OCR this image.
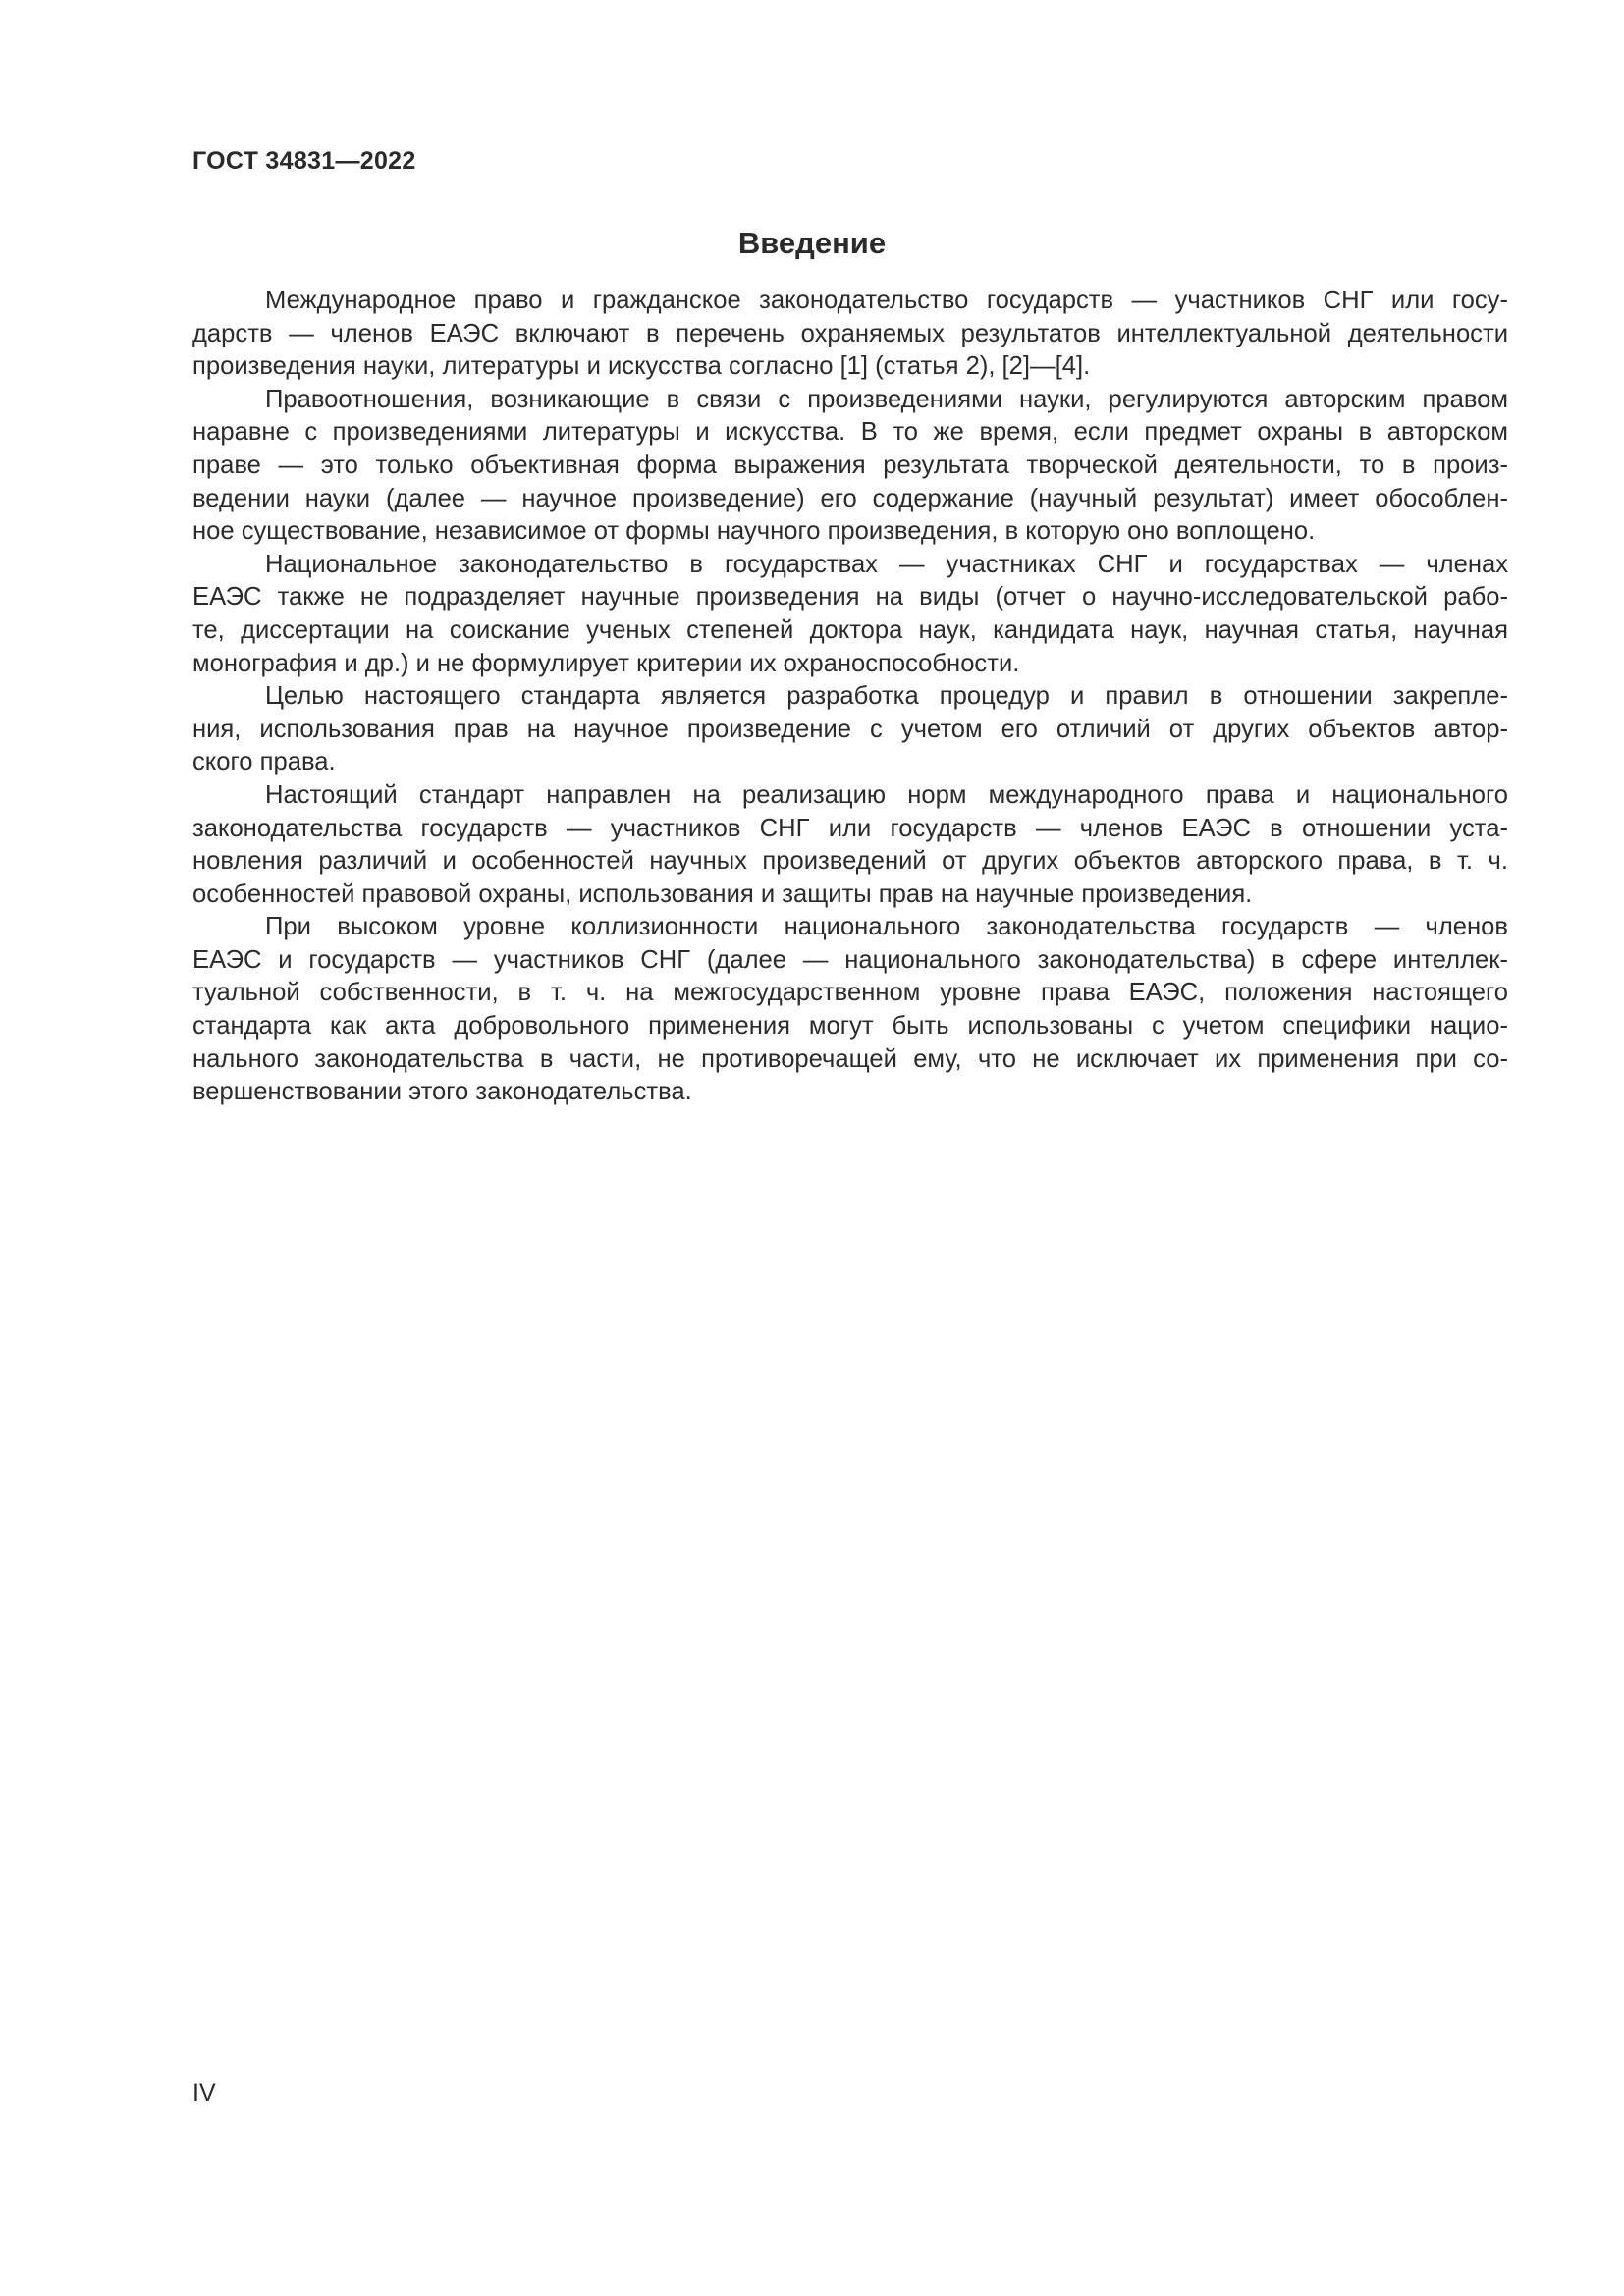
ГОСТ 34831—2022
Введение
Международное право и гражданское законодательство государств — участников СНГ или госу-
дарств — членов ЕАЭС включают в перечень охраняемых результатов интеллектуальной деятельности
произведения науки, литературы и искусства согласно [1] (статья 2), [2]—[4].
Правоотношения, возникающие в связи с произведениями науки, регулируются авторским правом
наравне с произведениями литературы и искусства. В то же время, если предмет охраны в авторском
праве — это только объективная форма выражения результата творческой деятельности, то в произ-
ведении науки (далее — научное произведение) его содержание (научный результат) имеет обособлен-
ное существование, независимое от формы научного произведения, в которую оно воплощено.
Национальное законодательство в государствах — участниках СНГ и государствах — членах
ЕАЭС также не подразделяет научные произведения на виды (отчет о научно-исследовательской рабо-
те, диссертации на соискание ученых степеней доктора наук, кандидата наук, научная статья, научная
монография и др.) и не формулирует критерии их охраноспособности.
Целью настоящего стандарта является разработка процедур и правил в отношении закрепле-
ния, использования прав на научное произведение с учетом его отличий от других объектов автор-
ского права.
Настоящий стандарт направлен на реализацию норм международного права и национального
законодательства государств — участников СНГ или государств — членов ЕАЭС в отношении уста-
новления различий и особенностей научных произведений от других объектов авторского права, в т. ч.
особенностей правовой охраны, использования и защиты прав на научные произведения.
При высоком уровне коллизионности национального законодательства государств — членов
ЕАЭС и государств — участников СНГ (далее — национального законодательства) в сфере интеллек-
туальной собственности, в т. ч. на межгосударственном уровне права ЕАЭС, положения настоящего
стандарта как акта добровольного применения могут быть использованы с учетом специфики нацио-
нального законодательства в части, не противоречащей ему, что не исключает их применения при со-
вершенствовании этого законодательства.
IV
